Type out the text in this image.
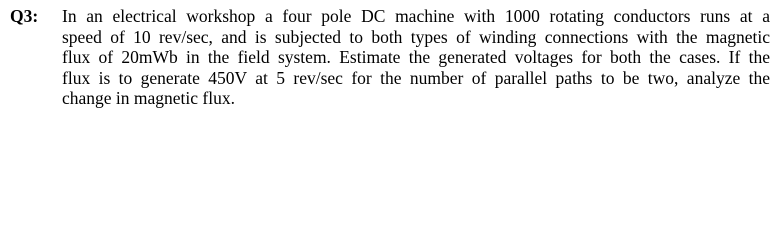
Q3:	In an electrical workshop a four pole DC machine with 1000 rotating conductors runs at a
speed of 10 rev/sec, and is subjected to both types of winding connections with the magnetic
flux of 20mWb in the field system. Estimate the generated voltages for both the cases. If the
flux is to generate 450V at 5 rev/sec for the number of parallel paths to be two, analyze the
change in magnetic flux.
